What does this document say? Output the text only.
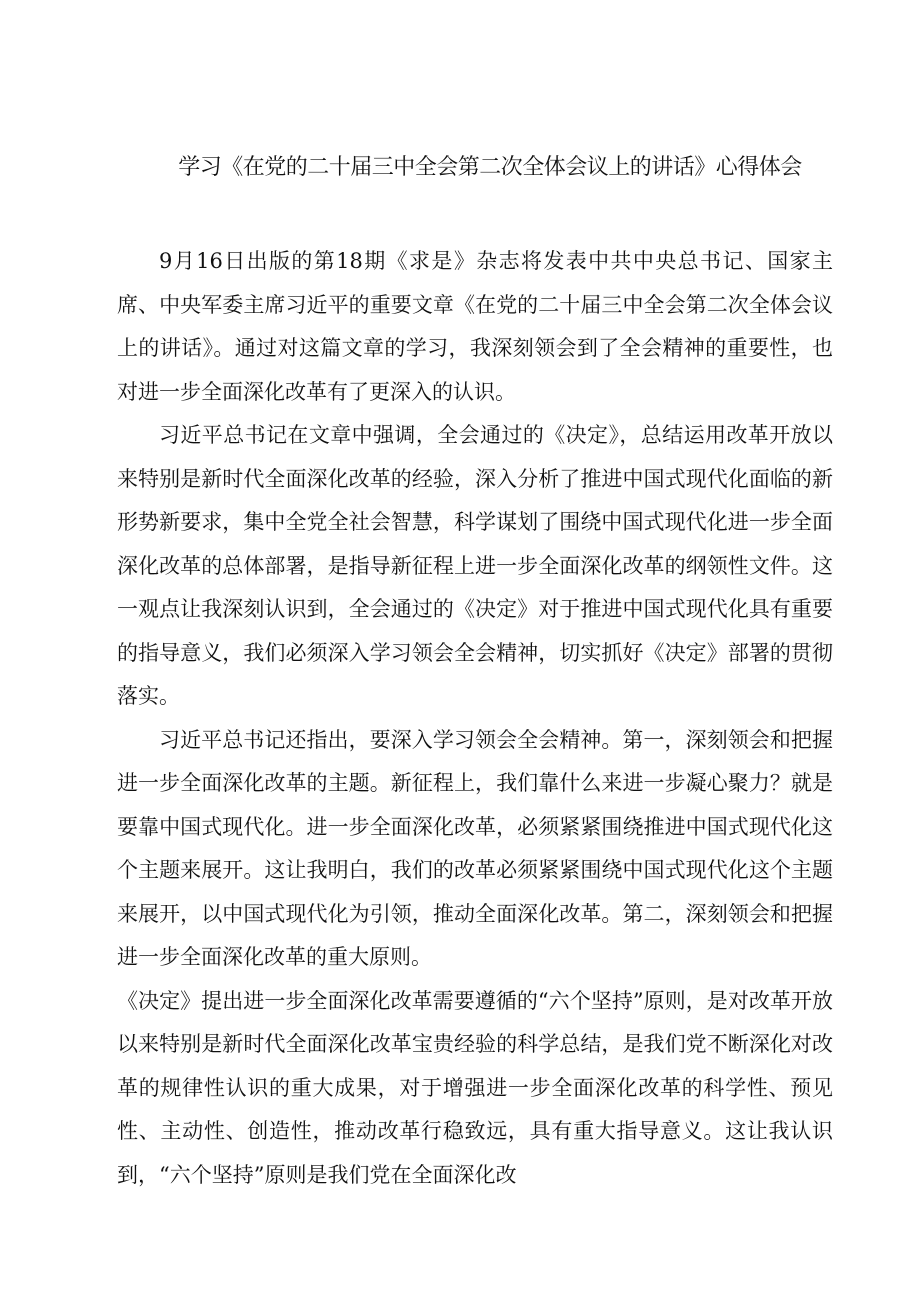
学习《在党的二十届三中全会第二次全体会议上的讲话》心得体会

9月16日出版的第18期《求是》杂志将发表中共中央总书记、国家主席、中央军委主席习近平的重要文章《在党的二十届三中全会第二次全体会议上的讲话》。通过对这篇文章的学习，我深刻领会到了全会精神的重要性，也对进一步全面深化改革有了更深入的认识。

习近平总书记在文章中强调，全会通过的《决定》，总结运用改革开放以来特别是新时代全面深化改革的经验，深入分析了推进中国式现代化面临的新形势新要求，集中全党全社会智慧，科学谋划了围绕中国式现代化进一步全面深化改革的总体部署，是指导新征程上进一步全面深化改革的纲领性文件。这一观点让我深刻认识到，全会通过的《决定》对于推进中国式现代化具有重要的指导意义，我们必须深入学习领会全会精神，切实抓好《决定》部署的贯彻落实。

习近平总书记还指出，要深入学习领会全会精神。第一，深刻领会和把握进一步全面深化改革的主题。新征程上，我们靠什么来进一步凝心聚力？就是要靠中国式现代化。进一步全面深化改革，必须紧紧围绕推进中国式现代化这个主题来展开。这让我明白，我们的改革必须紧紧围绕中国式现代化这个主题来展开，以中国式现代化为引领，推动全面深化改革。第二，深刻领会和把握进一步全面深化改革的重大原则。

《决定》提出进一步全面深化改革需要遵循的“六个坚持”原则，是对改革开放以来特别是新时代全面深化改革宝贵经验的科学总结，是我们党不断深化对改革的规律性认识的重大成果，对于增强进一步全面深化改革的科学性、预见性、主动性、创造性，推动改革行稳致远，具有重大指导意义。这让我认识到，“六个坚持”原则是我们党在全面深化改
